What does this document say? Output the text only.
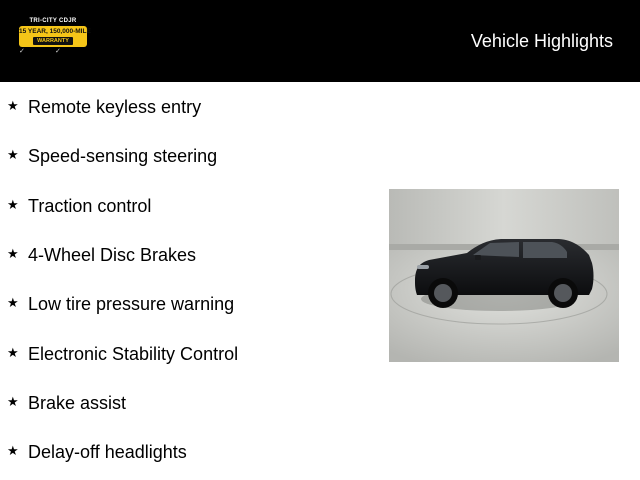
TRI-CITY CDJR
15 YEAR, 150,000-MILE
WARRANTY
✓	✓
Vehicle Highlights
★ Remote keyless entry
★ Speed-sensing steering
★ Traction control
★ 4-Wheel Disc Brakes
★ Low tire pressure warning
★ Electronic Stability Control
★ Brake assist
★ Delay-off headlights
